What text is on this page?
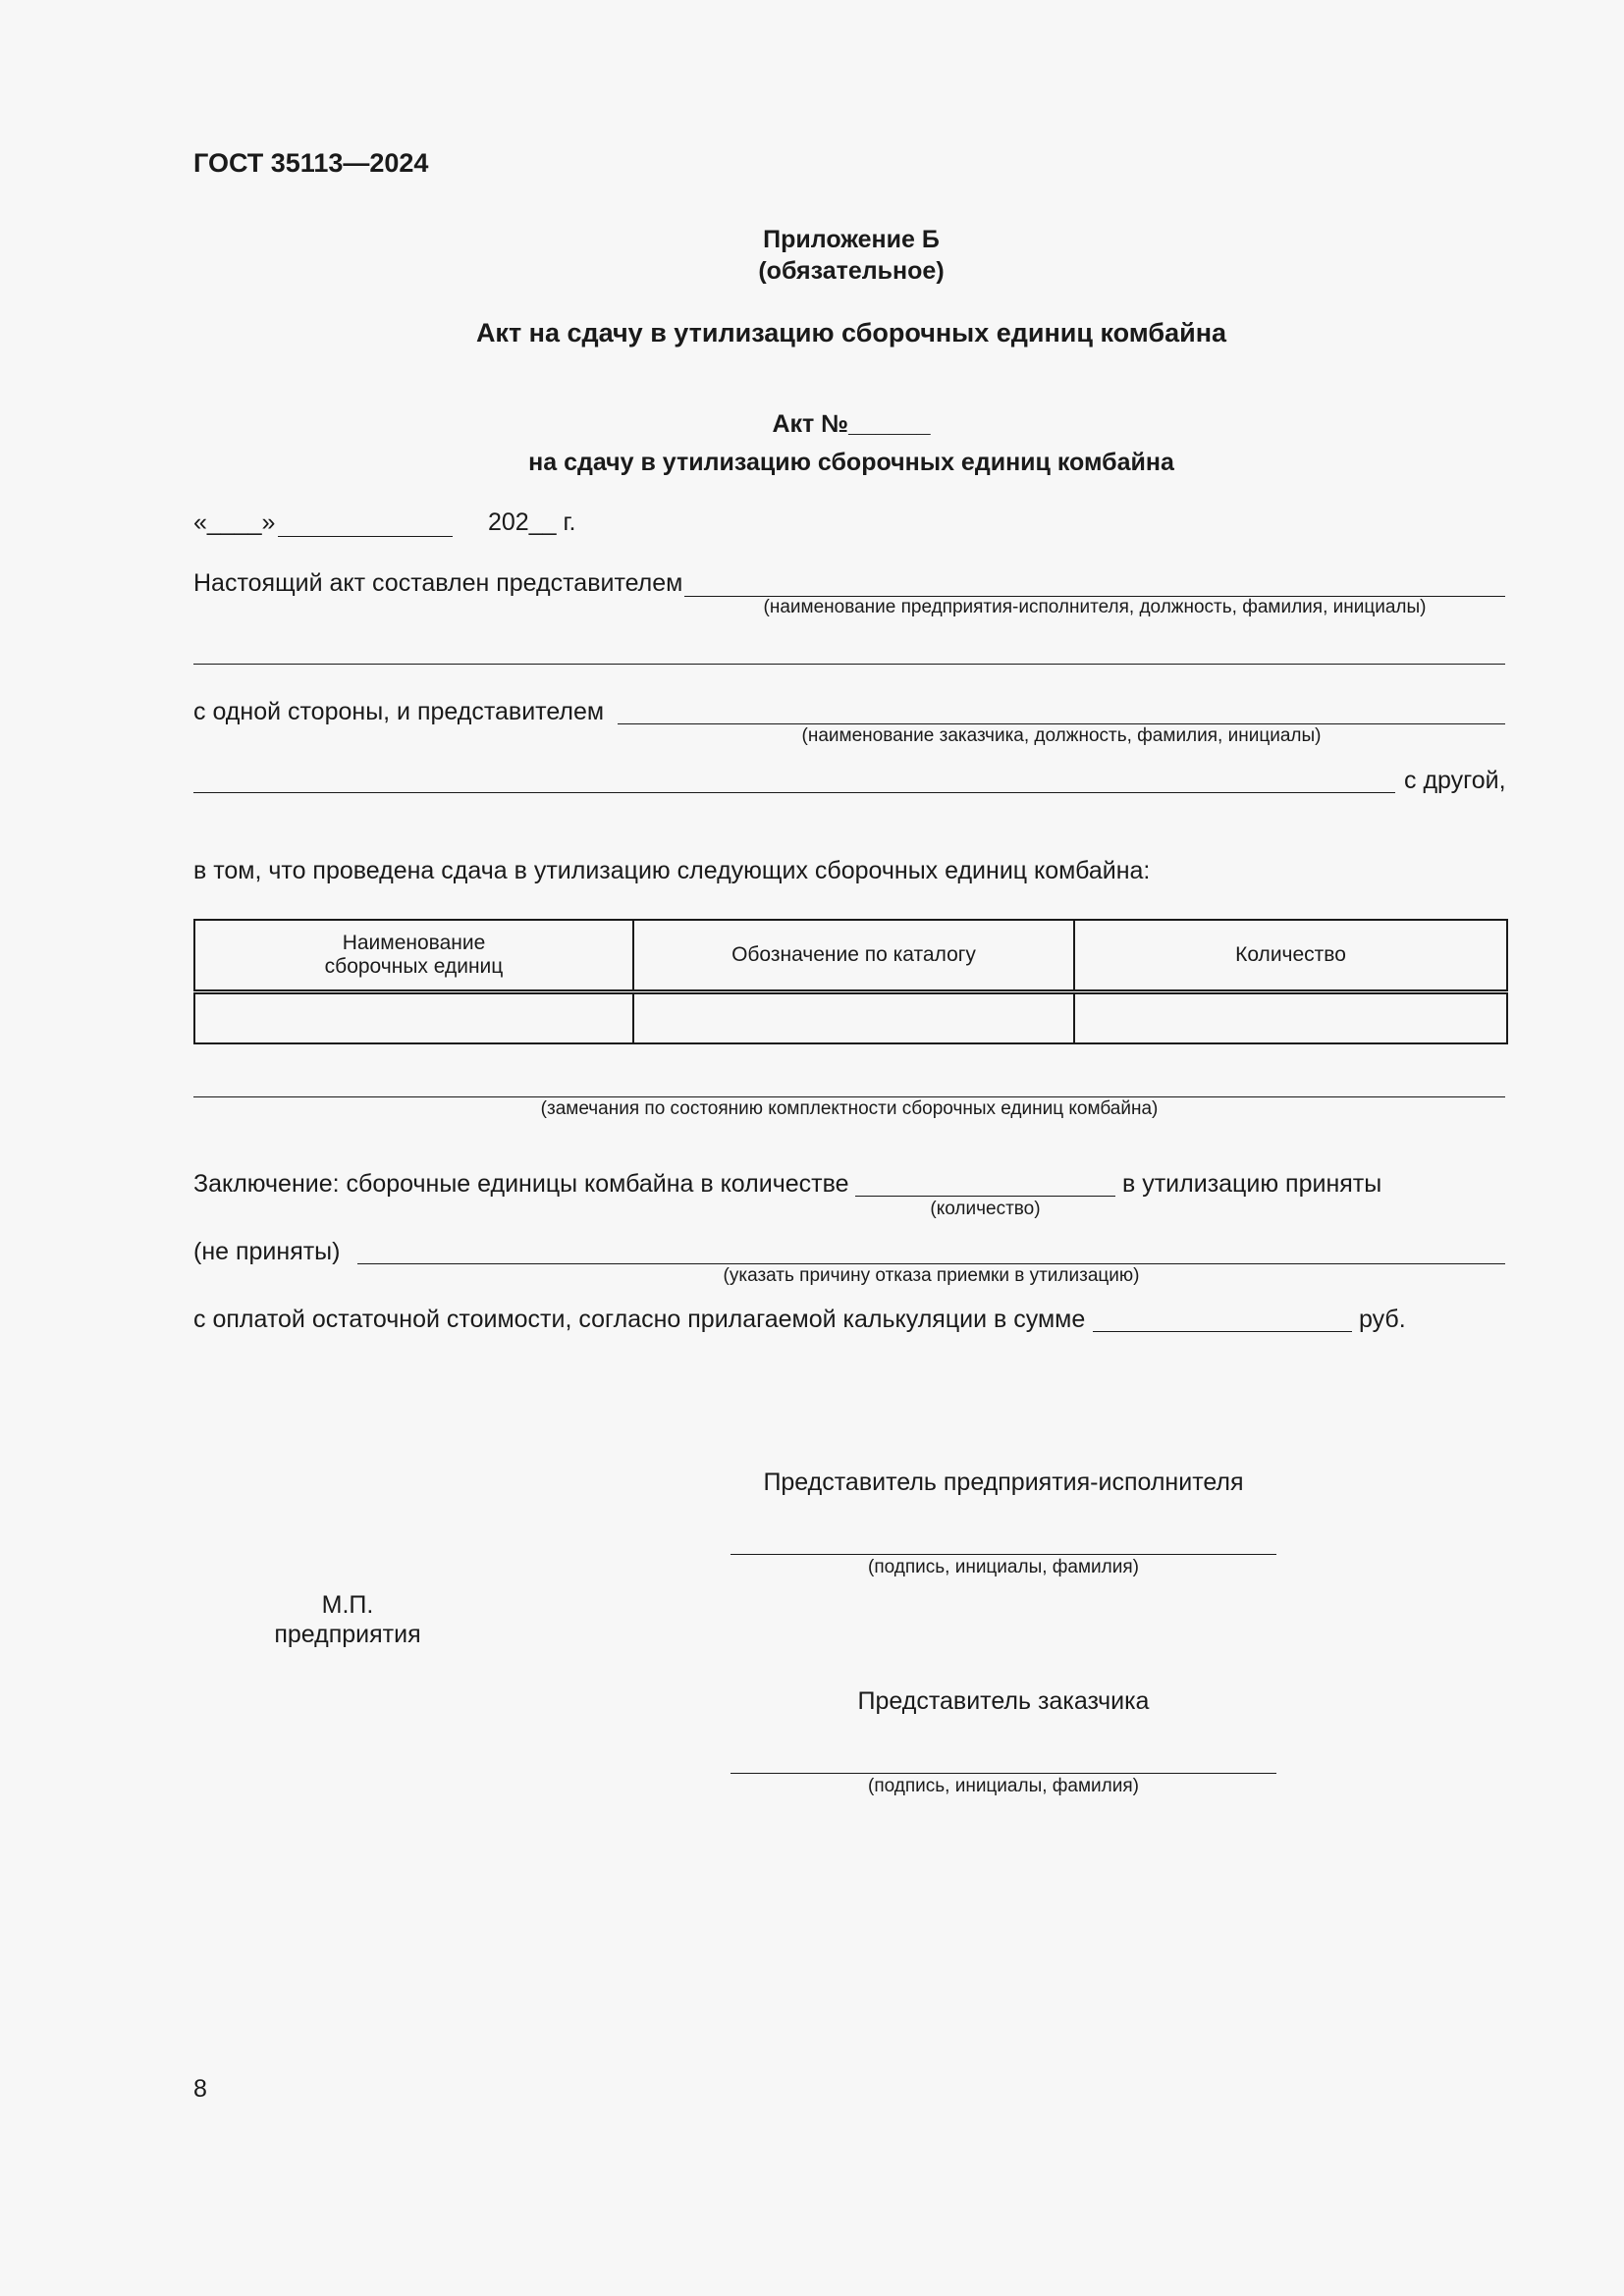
ГОСТ 35113—2024
Приложение Б
(обязательное)
Акт на сдачу в утилизацию сборочных единиц комбайна
Акт №______
на сдачу в утилизацию сборочных единиц комбайна
«____»	202__ г.
Настоящий акт составлен представителем
(наименование предприятия-исполнителя, должность, фамилия, инициалы)
с одной стороны, и представителем
(наименование заказчика, должность, фамилия, инициалы)
с другой,
в том, что проведена сдача в утилизацию следующих сборочных единиц комбайна:
Наименование
сборочных единиц	Обозначение по каталогу	Количество

(замечания по состоянию комплектности сборочных единиц комбайна)
Заключение: сборочные единицы комбайна в количестве
(количество)
в утилизацию приняты
(не приняты)
(указать причину отказа приемки в утилизацию)
с оплатой остаточной стоимости, согласно прилагаемой калькуляции в сумме	руб.
Представитель предприятия-исполнителя
(подпись, инициалы, фамилия)
М.П.
предприятия
Представитель заказчика
(подпись, инициалы, фамилия)
8
